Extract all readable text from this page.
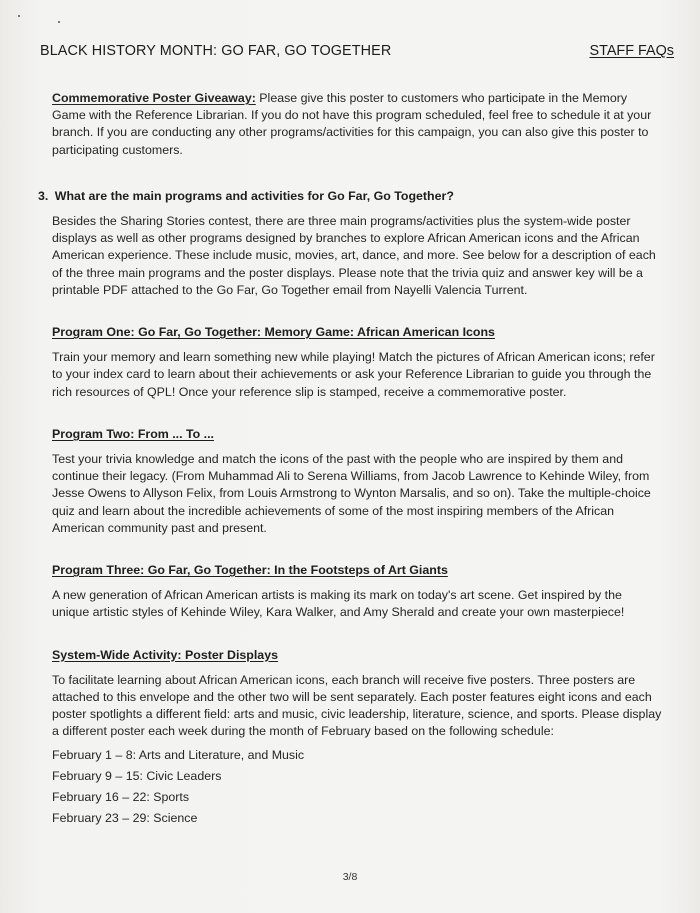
BLACK HISTORY MONTH: GO FAR, GO TOGETHER	STAFF FAQs

Commemorative Poster Giveaway: Please give this poster to customers who participate in the Memory Game with the Reference Librarian. If you do not have this program scheduled, feel free to schedule it at your branch. If you are conducting any other programs/activities for this campaign, you can also give this poster to participating customers.

3. What are the main programs and activities for Go Far, Go Together?

Besides the Sharing Stories contest, there are three main programs/activities plus the system-wide poster displays as well as other programs designed by branches to explore African American icons and the African American experience. These include music, movies, art, dance, and more. See below for a description of each of the three main programs and the poster displays. Please note that the trivia quiz and answer key will be a printable PDF attached to the Go Far, Go Together email from Nayelli Valencia Turrent.

Program One: Go Far, Go Together: Memory Game: African American Icons

Train your memory and learn something new while playing! Match the pictures of African American icons; refer to your index card to learn about their achievements or ask your Reference Librarian to guide you through the rich resources of QPL! Once your reference slip is stamped, receive a commemorative poster.

Program Two: From ... To ...

Test your trivia knowledge and match the icons of the past with the people who are inspired by them and continue their legacy. (From Muhammad Ali to Serena Williams, from Jacob Lawrence to Kehinde Wiley, from Jesse Owens to Allyson Felix, from Louis Armstrong to Wynton Marsalis, and so on). Take the multiple-choice quiz and learn about the incredible achievements of some of the most inspiring members of the African American community past and present.

Program Three: Go Far, Go Together: In the Footsteps of Art Giants

A new generation of African American artists is making its mark on today's art scene. Get inspired by the unique artistic styles of Kehinde Wiley, Kara Walker, and Amy Sherald and create your own masterpiece!

System-Wide Activity: Poster Displays

To facilitate learning about African American icons, each branch will receive five posters. Three posters are attached to this envelope and the other two will be sent separately. Each poster features eight icons and each poster spotlights a different field: arts and music, civic leadership, literature, science, and sports. Please display a different poster each week during the month of February based on the following schedule:

February 1 – 8: Arts and Literature, and Music

February 9 – 15: Civic Leaders

February 16 – 22: Sports

February 23 – 29: Science

3/8
